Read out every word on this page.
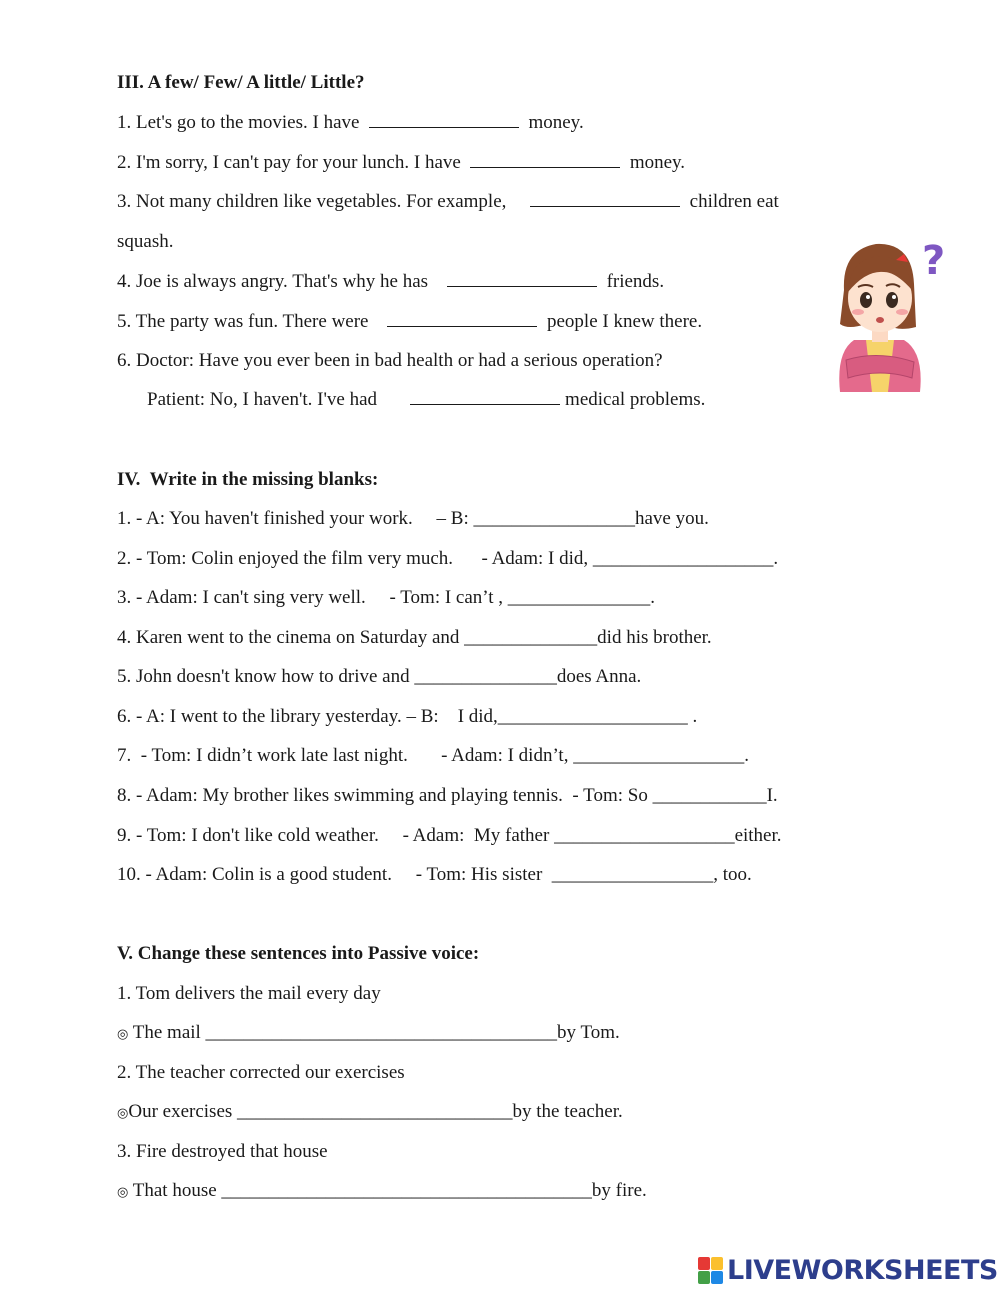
III. A few/ Few/ A little/ Little?
1. Let's go to the movies. I have	money.
2. I'm sorry, I can't pay for your lunch. I have	money.
3. Not many children like vegetables. For example,	children eat
squash.
4. Joe is always angry. That's why he has	friends.
5. The party was fun. There were	people I knew there.
6. Doctor: Have you ever been in bad health or had a serious operation?
Patient: No, I haven't. I've had	medical problems.
?
IV.  Write in the missing blanks:
1. - A: You haven't finished your work.     – B: _________________have you.
2. - Tom: Colin enjoyed the film very much.      - Adam: I did, ___________________.
3. - Adam: I can't sing very well.     - Tom: I can’t , _______________.
4. Karen went to the cinema on Saturday and ______________did his brother.
5. John doesn't know how to drive and _______________does Anna.
6. - A: I went to the library yesterday. – B:    I did,____________________ .
7.  - Tom: I didn’t work late last night.       - Adam: I didn’t, __________________.
8. - Adam: My brother likes swimming and playing tennis.  - Tom: So ____________I.
9. - Tom: I don't like cold weather.     - Adam:  My father ___________________either.
10. - Adam: Colin is a good student.     - Tom: His sister  _________________, too.
V. Change these sentences into Passive voice:
1. Tom delivers the mail every day
◎ The mail _____________________________________by Tom.
2. The teacher corrected our exercises
◎Our exercises _____________________________by the teacher.
3. Fire destroyed that house
◎ That house _______________________________________by fire.
LIVEWORKSHEETS
